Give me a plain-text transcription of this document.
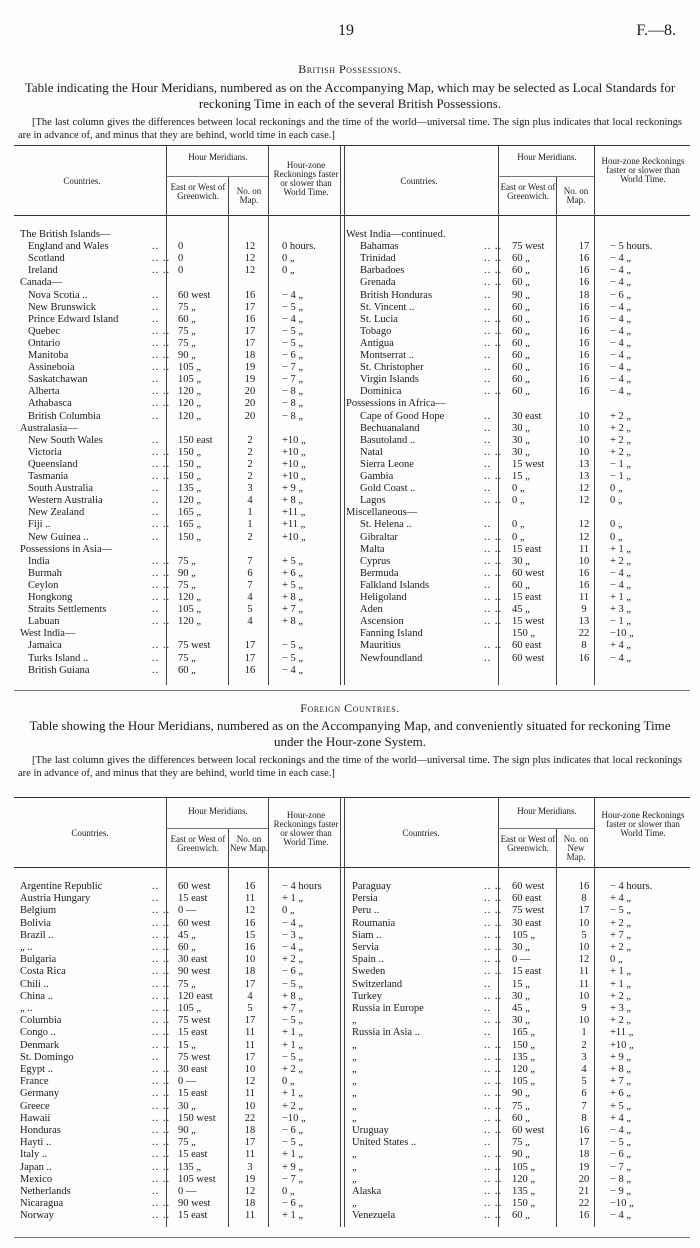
19	F.—8.
British Possessions.
Table indicating the Hour Meridians, numbered as on the Accompanying Map, which may be selected as Local Standards for reckoning Time in each of the several British Possessions.
[The last column gives the differences between local reckonings and the time of the world—universal time. The sign plus indicates that local reckonings are in advance of, and minus that they are behind, world time in each case.]
Countries.
Hour Meridians.
East or West of Greenwich.	No. on Map.
Hour-zone Reckonings faster or slower than World Time.
Countries.
Hour Meridians.
East or West of Greenwich.	No. on Map.
Hour-zone Reckonings faster or slower than World Time.
The British Islands—
England and Wales	.. 0	12	0 hours.
Scotland	.. .. 0	12	0 „
Ireland	.. .. 0	12	0 „
Canada—
Nova Scotia ..	.. 60 west	16	− 4 „
New Brunswick	.. 75 „	17	− 5 „
Prince Edward Island	.. 60 „	16	− 4 „
Quebec	.. .. 75 „	17	− 5 „
Ontario	.. .. 75 „	17	− 5 „
Manitoba	.. .. 90 „	18	− 6 „
Assineboia	.. .. 105 „	19	− 7 „
Saskatchawan	.. 105 „	19	− 7 „
Alberta	.. .. 120 „	20	− 8 „
Athabasca	.. .. 120 „	20	− 8 „
British Columbia	.. 120 „	20	− 8 „
Australasia—
New South Wales	.. 150 east	2	+10 „
Victoria	.. .. 150 „	2	+10 „
Queensland	.. .. 150 „	2	+10 „
Tasmania	.. .. 150 „	2	+10 „
South Australia	.. 135 „	3	+ 9 „
Western Australia	.. 120 „	4	+ 8 „
New Zealand	.. 165 „	1	+11 „
Fiji ..	.. .. 165 „	1	+11 „
New Guinea ..	.. 150 „	2	+10 „
Possessions in Asia—
India	.. .. 75 „	7	+ 5 „
Burmah	.. .. 90 „	6	+ 6 „
Ceylon	.. .. 75 „	7	+ 5 „
Hongkong	.. .. 120 „	4	+ 8 „
Straits Settlements	.. 105 „	5	+ 7 „
Labuan	.. .. 120 „	4	+ 8 „
West India—
Jamaica	.. .. 75 west	17	− 5 „
Turks Island ..	.. 75 „	17	− 5 „
British Guiana	.. 60 „	16	− 4 „
West India—continued.
Bahamas	.. .. 75 west	17	− 5 hours.
Trinidad	.. .. 60 „	16	− 4 „
Barbadoes	.. .. 60 „	16	− 4 „
Grenada	.. .. 60 „	16	− 4 „
British Honduras	.. 90 „	18	− 6 „
St. Vincent ..	.. 60 „	16	− 4 „
St. Lucia	.. .. 60 „	16	− 4 „
Tobago	.. .. 60 „	16	− 4 „
Antigua	.. .. 60 „	16	− 4 „
Montserrat ..	.. 60 „	16	− 4 „
St. Christopher	.. 60 „	16	− 4 „
Virgin Islands	.. 60 „	16	− 4 „
Dominica	.. .. 60 „	16	− 4 „
Possessions in Africa—
Cape of Good Hope	.. 30 east	10	+ 2 „
Bechuanaland	.. 30 „	10	+ 2 „
Basutoland ..	.. 30 „	10	+ 2 „
Natal	.. .. 30 „	10	+ 2 „
Sierra Leone	.. 15 west	13	− 1 „
Gambia	.. .. 15 „	13	− 1 „
Gold Coast ..	.. 0 „	12	0 „
Lagos	.. .. 0 „	12	0 „
Miscellaneous—
St. Helena ..	.. 0 „	12	0 „
Gibraltar	.. .. 0 „	12	0 „
Malta	.. .. 15 east	11	+ 1 „
Cyprus	.. .. 30 „	10	+ 2 „
Bermuda	.. .. 60 west	16	− 4 „
Falkland Islands	.. 60 „	16	− 4 „
Heligoland	.. .. 15 east	11	+ 1 „
Aden	.. .. 45 „	9	+ 3 „
Ascension	.. .. 15 west	13	− 1 „
Fanning Island	150 „	22	−10 „
Mauritius	.. .. 60 east	8	+ 4 „
Newfoundland	.. 60 west	16	− 4 „
Foreign Countries.
Table showing the Hour Meridians, numbered as on the Accompanying Map, and conveniently situated for reckoning Time under the Hour-zone System.
[The last column gives the differences between local reckonings and the time of the world—universal time. The sign plus indicates that local reckonings are in advance of, and minus that they are behind, world time in each case.]
Countries.
Hour Meridians.
East or West of Greenwich.
No. on New Map.
Hour-zone Reckonings faster or slower than World Time.
Countries.
Hour Meridians.
East or West of Greenwich.
No. on New Map.
Hour-zone Reckonings faster or slower than World Time.
Argentine Republic	.. 60 west	16	− 4 hours
Austria Hungary	.. 15 east	11	+ 1 „
Belgium	.. .. 0 —	12	0 „
Bolivia	.. .. 60 west	16	− 4 „
Brazil ..	.. .. 45 „	15	− 3 „
„ ..	.. .. 60 „	16	− 4 „
Bulgaria	.. .. 30 east	10	+ 2 „
Costa Rica	.. .. 90 west	18	− 6 „
Chili ..	.. .. 75 „	17	− 5 „
China ..	.. .. 120 east	4	+ 8 „
„ ..	.. .. 105 „	5	+ 7 „
Columbia	.. .. 75 west	17	− 5 „
Congo ..	.. .. 15 east	11	+ 1 „
Denmark	.. .. 15 „	11	+ 1 „
St. Domingo	.. 75 west	17	− 5 „
Egypt ..	.. .. 30 east	10	+ 2 „
France	.. .. 0 —	12	0 „
Germany	.. .. 15 east	11	+ 1 „
Greece	.. .. 30 „	10	+ 2 „
Hawaii	.. .. 150 west	22	−10 „
Honduras	.. .. 90 „	18	− 6 „
Hayti ..	.. .. 75 „	17	− 5 „
Italy ..	.. .. 15 east	11	+ 1 „
Japan ..	.. .. 135 „	3	+ 9 „
Mexico	.. .. 105 west	19	− 7 „
Netherlands	.. 0 —	12	0 „
Nicaragua	.. .. 90 west	18	− 6 „
Norway	.. .. 15 east	11	+ 1 „
Paraguay	.. .. 60 west	16	− 4 hours.
Persia	.. .. 60 east	8	+ 4 „
Peru ..	.. .. 75 west	17	− 5 „
Roumania	.. .. 30 east	10	+ 2 „
Siam ..	.. .. 105 „	5	+ 7 „
Servia	.. .. 30 „	10	+ 2 „
Spain ..	.. .. 0 —	12	0 „
Sweden	.. .. 15 east	11	+ 1 „
Switzerland	.. 15 „	11	+ 1 „
Turkey	.. .. 30 „	10	+ 2 „
Russia in Europe	.. 45 „	9	+ 3 „
„	.. .. 30 „	10	+ 2 „
Russia in Asia ..	.. 165 „	1	+11 „
„	.. .. 150 „	2	+10 „
„	.. .. 135 „	3	+ 9 „
„	.. .. 120 „	4	+ 8 „
„	.. .. 105 „	5	+ 7 „
„	.. .. 90 „	6	+ 6 „
„	.. .. 75 „	7	+ 5 „
„	.. .. 60 „	8	+ 4 „
Uruguay	.. .. 60 west	16	− 4 „
United States ..	.. 75 „	17	− 5 „
„	.. .. 90 „	18	− 6 „
„	.. .. 105 „	19	− 7 „
„	.. .. 120 „	20	− 8 „
Alaska	.. .. 135 „	21	− 9 „
„	.. .. 150 „	22	−10 „
Venezuela	.. .. 60 „	16	− 4 „
